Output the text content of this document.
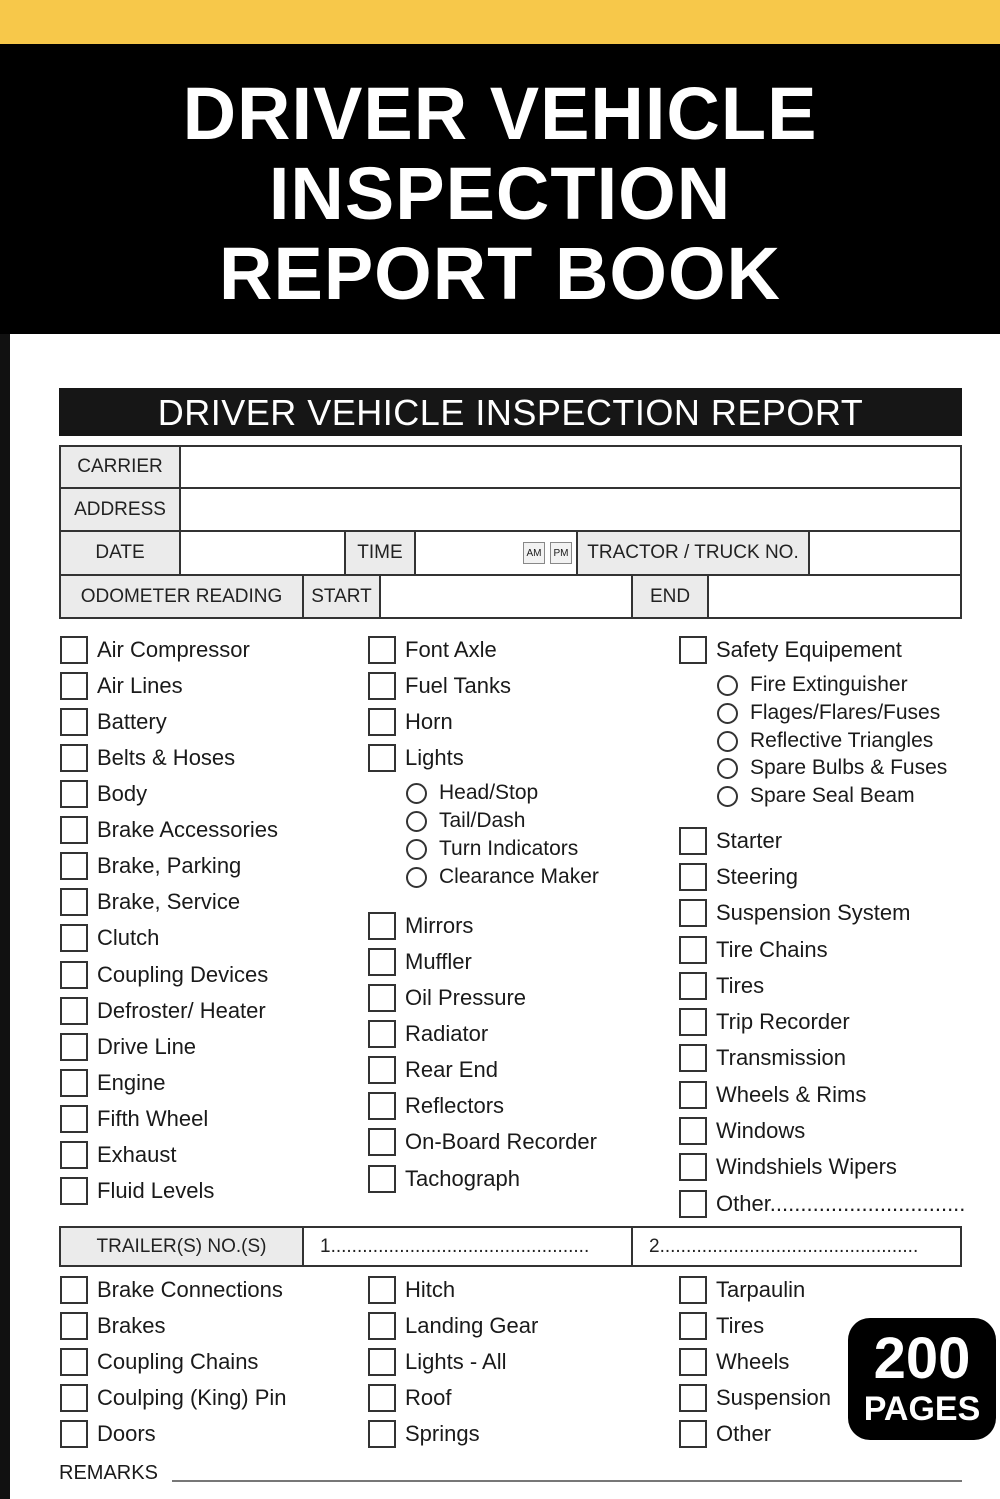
DRIVER VEHICLE
INSPECTION
REPORT BOOK
DRIVER VEHICLE INSPECTION REPORT
CARRIER
ADDRESS
DATE	TIME	AM	PM TRACTOR / TRUCK NO.
ODOMETER READING	START	END
TRAILER(S) NO.(S)	1.................................................	2.................................................
Air Compressor
Air Lines
Battery
Belts & Hoses
Body
Brake Accessories
Brake, Parking
Brake, Service
Clutch
Coupling Devices
Defroster/ Heater
Drive Line
Engine
Fifth Wheel
Exhaust
Fluid Levels
Font Axle
Fuel Tanks
Horn
Lights
Head/Stop
Tail/Dash
Turn Indicators
Clearance Maker
Mirrors
Muffler
Oil Pressure
Radiator
Rear End
Reflectors
On-Board Recorder
Tachograph
Safety Equipement
Fire Extinguisher
Flages/Flares/Fuses
Reflective Triangles
Spare Bulbs & Fuses
Spare Seal Beam
Starter
Steering
Suspension System
Tire Chains
Tires
Trip Recorder
Transmission
Wheels & Rims
Windows
Windshiels Wipers
Other................................
Brake Connections
Brakes
Coupling Chains
Coulping (King) Pin
Doors
Hitch
Landing Gear
Lights - All
Roof
Springs
Tarpaulin
Tires
Wheels
Suspension
Other
REMARKS
200
PAGES
